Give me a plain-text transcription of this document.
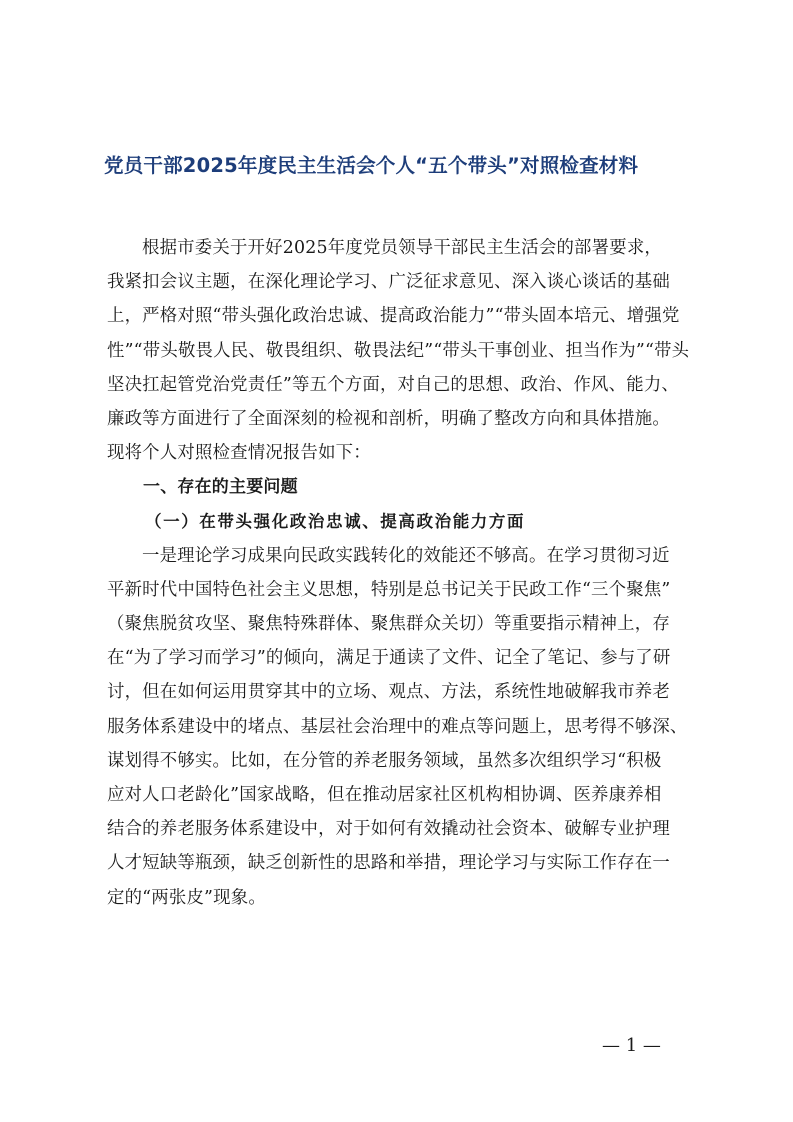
党员干部2025年度民主生活会个人“五个带头”对照检查材料
根据市委关于开好2025年度党员领导干部民主生活会的部署要求，
我紧扣会议主题，在深化理论学习、广泛征求意见、深入谈心谈话的基础
上，严格对照“带头强化政治忠诚、提高政治能力”“带头固本培元、增强党
性”“带头敬畏人民、敬畏组织、敬畏法纪”“带头干事创业、担当作为”“带头
坚决扛起管党治党责任”等五个方面，对自己的思想、政治、作风、能力、
廉政等方面进行了全面深刻的检视和剖析，明确了整改方向和具体措施。
现将个人对照检查情况报告如下：
一、存在的主要问题
（一）在带头强化政治忠诚、提高政治能力方面
一是理论学习成果向民政实践转化的效能还不够高。在学习贯彻习近
平新时代中国特色社会主义思想，特别是总书记关于民政工作“三个聚焦”
（聚焦脱贫攻坚、聚焦特殊群体、聚焦群众关切）等重要指示精神上，存
在“为了学习而学习”的倾向，满足于通读了文件、记全了笔记、参与了研
讨，但在如何运用贯穿其中的立场、观点、方法，系统性地破解我市养老
服务体系建设中的堵点、基层社会治理中的难点等问题上，思考得不够深、
谋划得不够实。比如，在分管的养老服务领域，虽然多次组织学习“积极
应对人口老龄化”国家战略，但在推动居家社区机构相协调、医养康养相
结合的养老服务体系建设中，对于如何有效撬动社会资本、破解专业护理
人才短缺等瓶颈，缺乏创新性的思路和举措，理论学习与实际工作存在一
定的“两张皮”现象。
— 1 —
